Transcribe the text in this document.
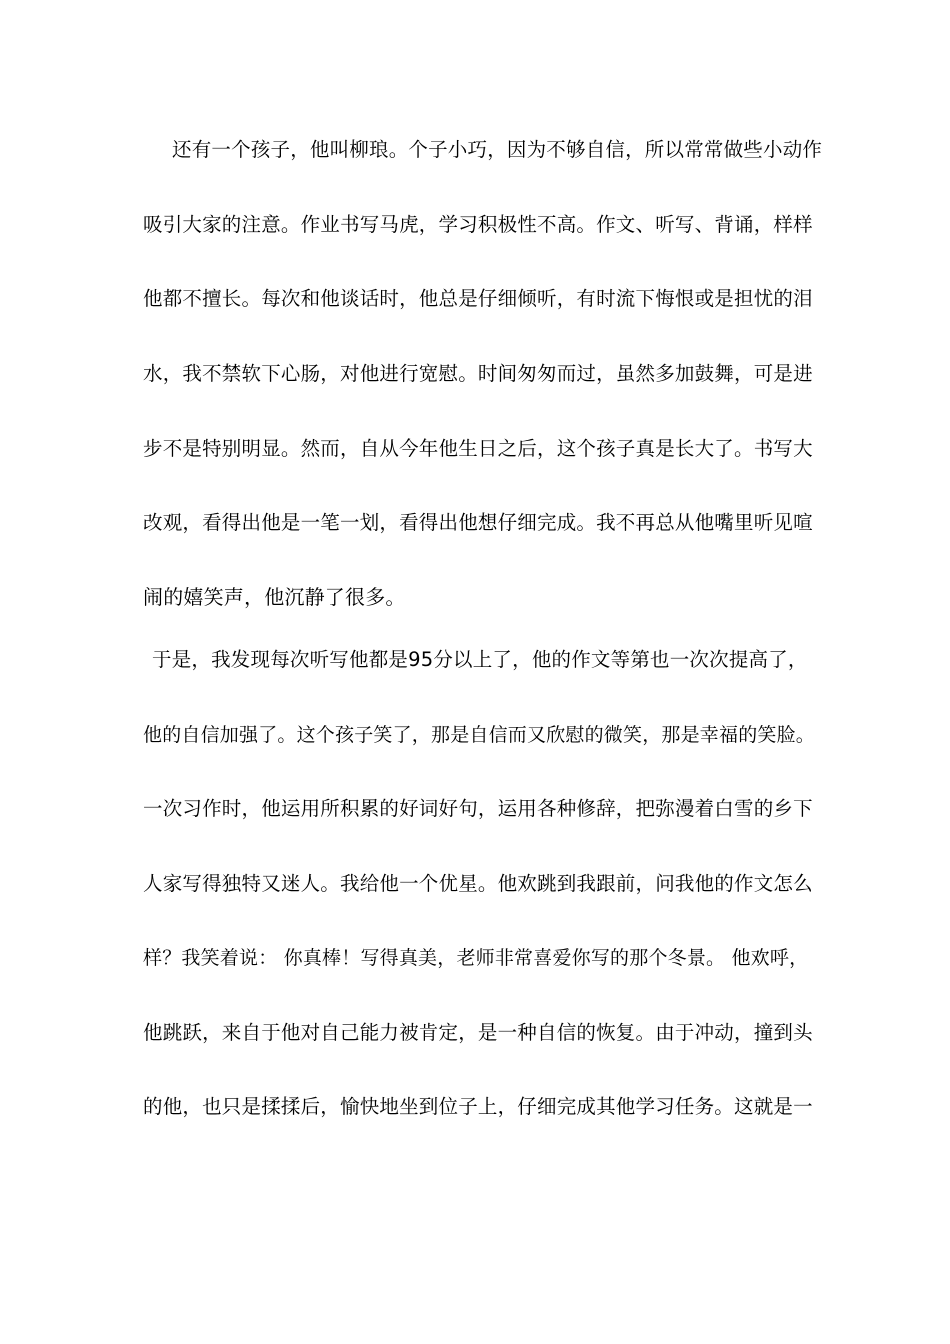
还有一个孩子，他叫柳琅。个子小巧，因为不够自信，所以常常做些小动作
吸引大家的注意。作业书写马虎，学习积极性不高。作文、听写、背诵，样样
他都不擅长。每次和他谈话时，他总是仔细倾听，有时流下悔恨或是担忧的泪
水，我不禁软下心肠，对他进行宽慰。时间匆匆而过，虽然多加鼓舞，可是进
步不是特别明显。然而，自从今年他生日之后，这个孩子真是长大了。书写大
改观，看得出他是一笔一划，看得出他想仔细完成。我不再总从他嘴里听见喧
闹的嬉笑声，他沉静了很多。
于是，我发现每次听写他都是95分以上了，他的作文等第也一次次提高了，
他的自信加强了。这个孩子笑了，那是自信而又欣慰的微笑，那是幸福的笑脸。
一次习作时，他运用所积累的好词好句，运用各种修辞，把弥漫着白雪的乡下
人家写得独特又迷人。我给他一个优星。他欢跳到我跟前，问我他的作文怎么
样？我笑着说： 你真棒！写得真美，老师非常喜爱你写的那个冬景。 他欢呼，
他跳跃，来自于他对自己能力被肯定，是一种自信的恢复。由于冲动，撞到头
的他，也只是揉揉后，愉快地坐到位子上，仔细完成其他学习任务。这就是一
